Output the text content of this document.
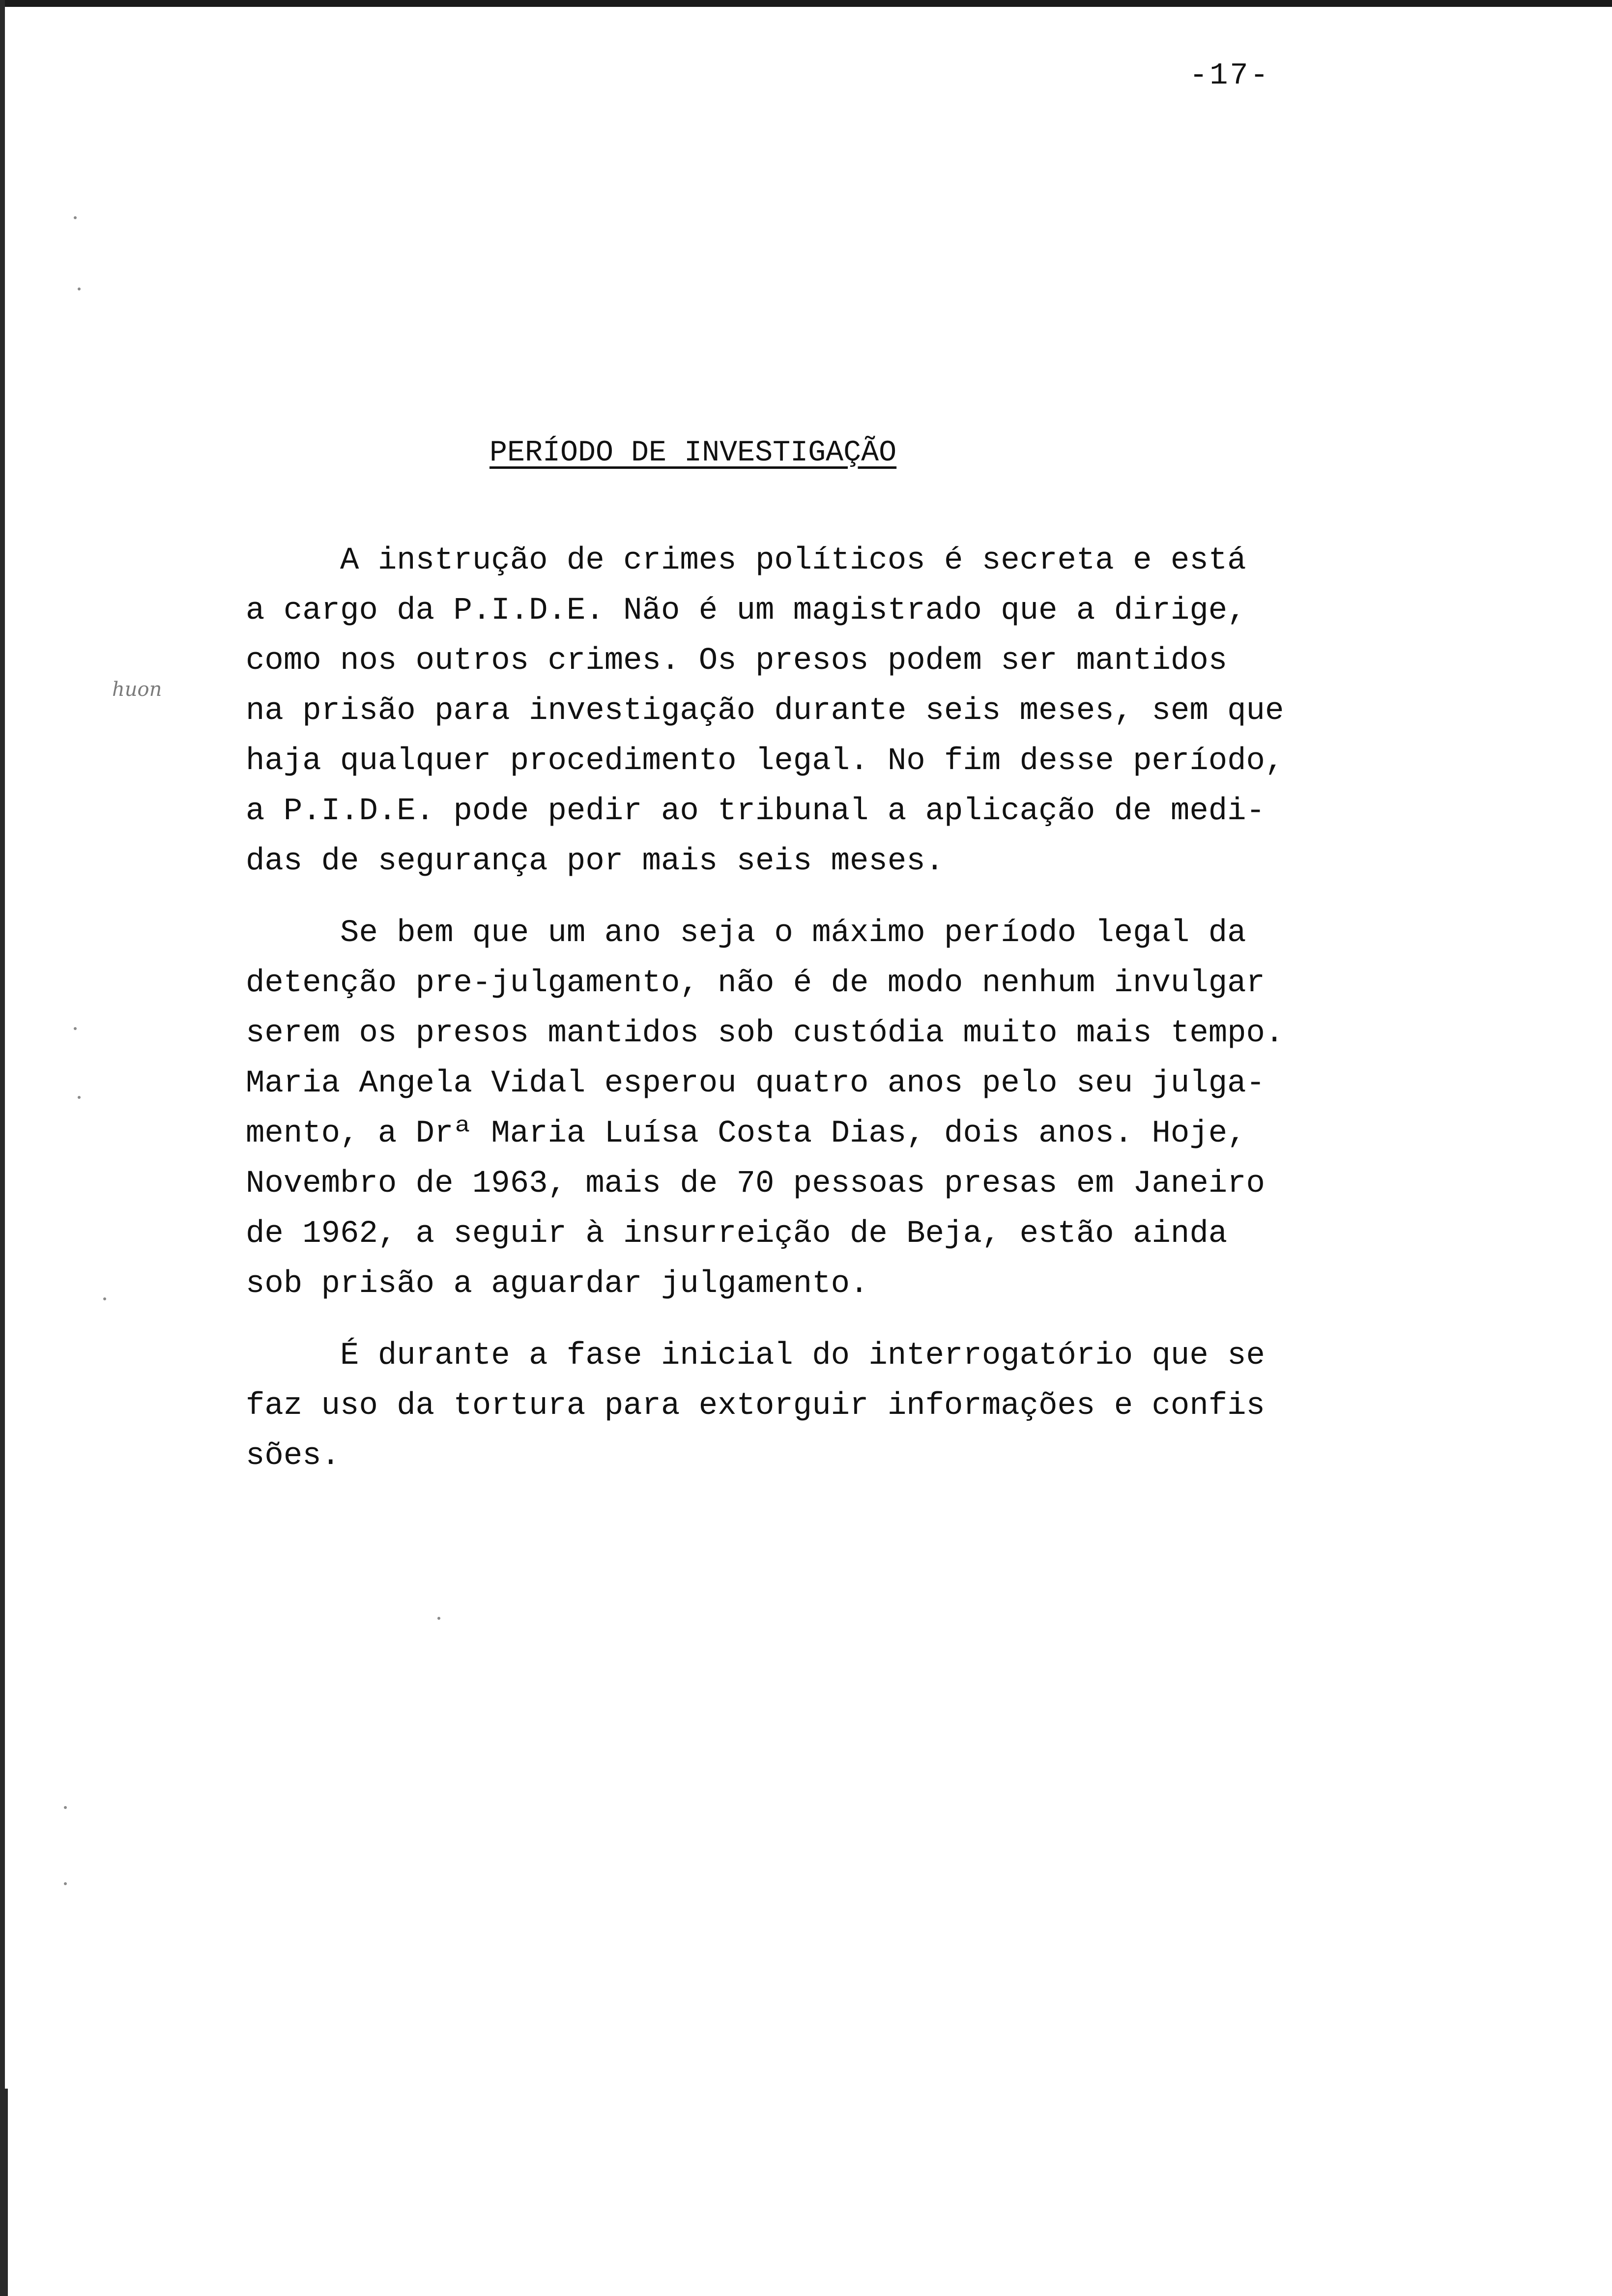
-17-
PERÍODO DE INVESTIGAÇÃO
huon
A instrução de crimes políticos é secreta e está
a cargo da P.I.D.E. Não é um magistrado que a dirige,
como nos outros crimes. Os presos podem ser mantidos
na prisão para investigação durante seis meses, sem que
haja qualquer procedimento legal. No fim desse período,
a P.I.D.E. pode pedir ao tribunal a aplicação de medi-
das de segurança por mais seis meses.
Se bem que um ano seja o máximo período legal da
detenção pre-julgamento, não é de modo nenhum invulgar
serem os presos mantidos sob custódia muito mais tempo.
Maria Angela Vidal esperou quatro anos pelo seu julga-
mento, a Drª Maria Luísa Costa Dias, dois anos. Hoje,
Novembro de 1963, mais de 70 pessoas presas em Janeiro
de 1962, a seguir à insurreição de Beja, estão ainda
sob prisão a aguardar julgamento.
É durante a fase inicial do interrogatório que se
faz uso da tortura para extorguir informações e confis
sões.
